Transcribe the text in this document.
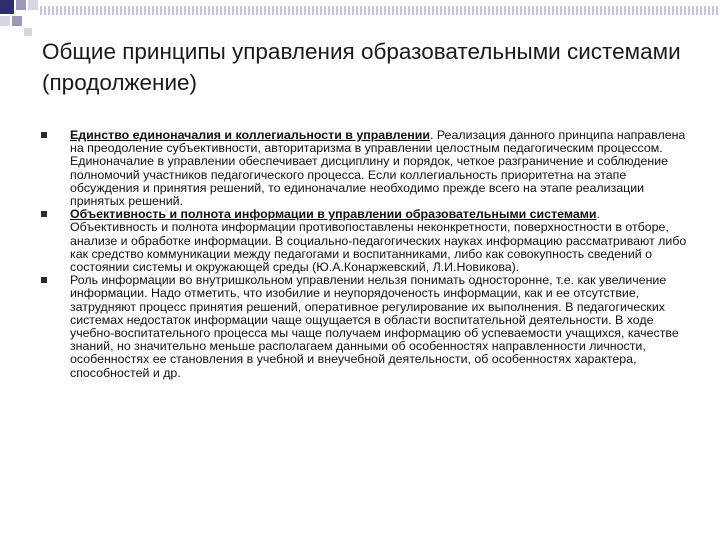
Общие принципы управления образовательными системами (продолжение)
Единство единоначалия и коллегиальности в управлении. Реализация данного принципа направлена на преодоление субъективности, авторитаризма в управлении целостным педагогическим процессом. Единоначалие в управлении обеспечивает дисциплину и порядок, четкое разграничение и соблюдение полномочий участников педагогического процесса. Если коллегиальность приоритетна на этапе обсуждения и принятия решений, то единоначалие необходимо прежде всего на этапе реализации принятых решений.
Объективность и полнота информации в управлении образовательными системами. Объективность и полнота информации противопоставлены неконкретности, поверхностности в отборе, анализе и обработке информации. В социально-педагогических науках информацию рассматривают либо как средство коммуникации между педагогами и воспитанниками, либо как совокупность сведений о состоянии системы и окружающей среды (Ю.А.Конаржевский, Л.И.Новикова).
Роль информации во внутришкольном управлении нельзя понимать односторонне, т.е. как увеличение информации. Надо отметить, что изобилие и неупорядоченость информации, как и ее отсутствие, затрудняют процесс принятия решений, оперативное регулирование их выполнения. В педагогических системах недостаток информации чаще ощущается в области воспитательной деятельности. В ходе учебно-воспитательного процесса мы чаще получаем информацию об успеваемости учащихся, качестве знаний, но значительно меньше располагаем данными об особенностях направленности личности, особенностях ее становления в учебной и внеучебной деятельности, об особенностях характера, способностей и др.
